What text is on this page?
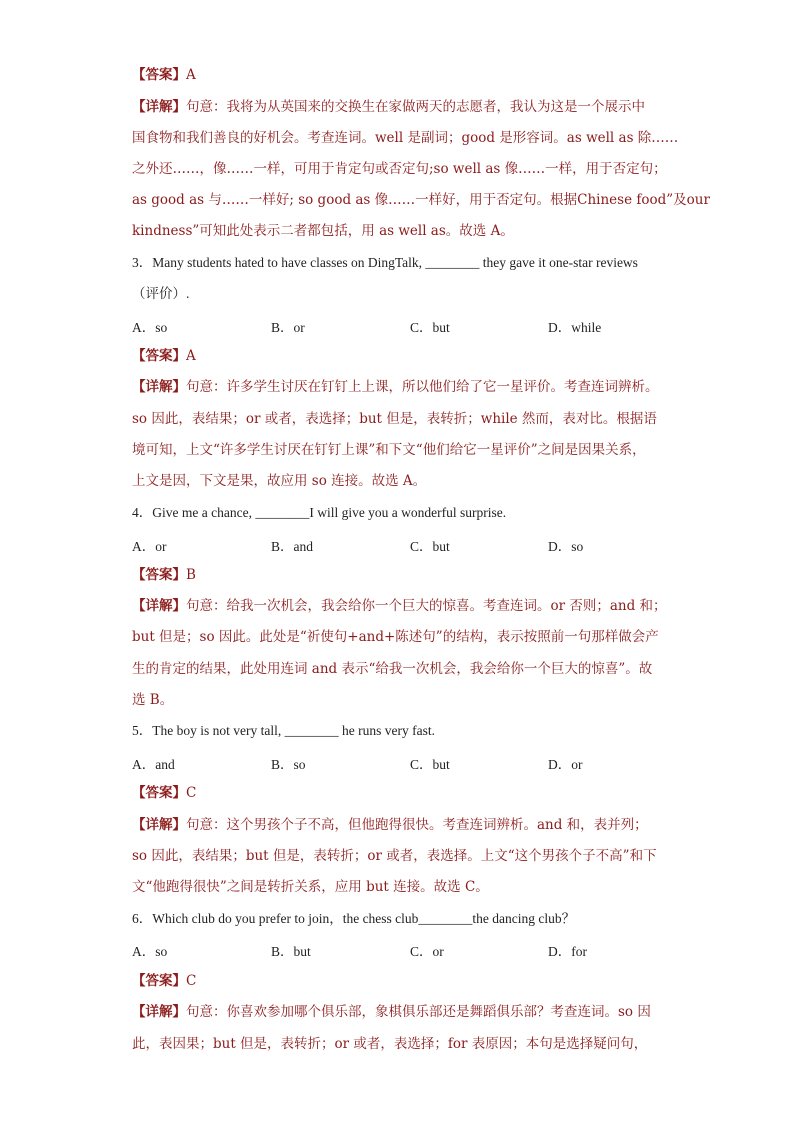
【答案】A
【详解】句意：我将为从英国来的交换生在家做两天的志愿者，我认为这是一个展示中
国食物和我们善良的好机会。考查连词。well 是副词；good 是形容词。as well as 除……
之外还……，像……一样，可用于肯定句或否定句;so well as 像……一样，用于否定句；
as good as 与……一样好; so good as 像……一样好，用于否定句。根据Chinese food”及our
kindness”可知此处表示二者都包括，用 as well as。故选 A。
3．Many students hated to have classes on DingTalk, ________ they gave it one-star reviews
（评价）.
A．so	B．or	C．but	D．while
【答案】A
【详解】句意：许多学生讨厌在钉钉上上课，所以他们给了它一星评价。考查连词辨析。
so 因此，表结果；or 或者，表选择；but 但是，表转折；while 然而，表对比。根据语
境可知，上文“许多学生讨厌在钉钉上课”和下文“他们给它一星评价”之间是因果关系，
上文是因，下文是果，故应用 so 连接。故选 A。
4．Give me a chance, ________I will give you a wonderful surprise.
A．or	B．and	C．but	D．so
【答案】B
【详解】句意：给我一次机会，我会给你一个巨大的惊喜。考查连词。or 否则；and 和；
but 但是；so 因此。此处是“祈使句+and+陈述句”的结构，表示按照前一句那样做会产
生的肯定的结果，此处用连词 and 表示“给我一次机会，我会给你一个巨大的惊喜”。故
选 B。
5．The boy is not very tall, ________ he runs very fast.
A．and	B．so	C．but	D．or
【答案】C
【详解】句意：这个男孩个子不高，但他跑得很快。考查连词辨析。and 和，表并列；
so 因此，表结果；but 但是，表转折；or 或者，表选择。上文“这个男孩个子不高”和下
文“他跑得很快”之间是转折关系，应用 but 连接。故选 C。
6．Which club do you prefer to join，the chess club________the dancing club？
A．so	B．but	C．or	D．for
【答案】C
【详解】句意：你喜欢参加哪个俱乐部，象棋俱乐部还是舞蹈俱乐部？考查连词。so 因
此，表因果；but 但是，表转折；or 或者，表选择；for 表原因；本句是选择疑问句，
